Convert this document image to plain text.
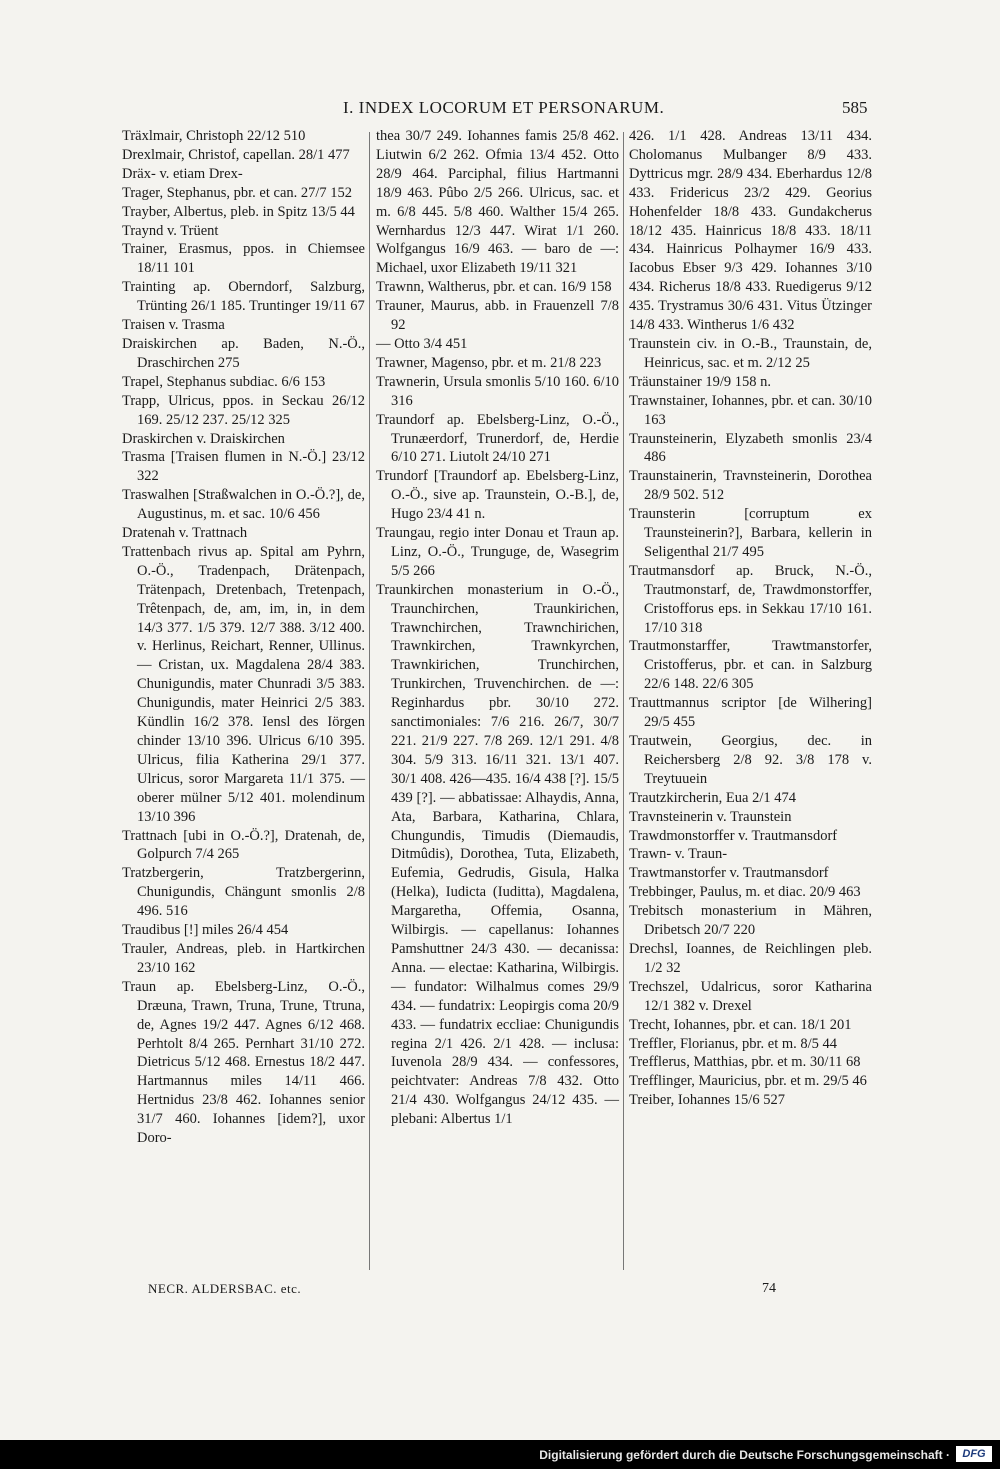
I. INDEX LOCORUM ET PERSONARUM.	585

Träxlmair, Christoph 22/12 510

Drexlmair, Christof, capellan. 28/1 477

Dräx- v. etiam Drex-

Trager, Stephanus, pbr. et can. 27/7 152

Trayber, Albertus, pleb. in Spitz 13/5 44

Traynd v. Trüent

Trainer, Erasmus, ppos. in Chiemsee 18/11 101

Trainting ap. Oberndorf, Salzburg, Trünting 26/1 185. Truntinger 19/11 67

Traisen v. Trasma

Draiskirchen ap. Baden, N.-Ö., Draschirchen 275

Trapel, Stephanus subdiac. 6/6 153

Trapp, Ulricus, ppos. in Seckau 26/12 169. 25/12 237. 25/12 325

Draskirchen v. Draiskirchen

Trasma [Traisen flumen in N.-Ö.] 23/12 322

Traswalhen [Straßwalchen in O.-Ö.?], de, Augustinus, m. et sac. 10/6 456

Dratenah v. Trattnach

Trattenbach rivus ap. Spital am Pyhrn, O.-Ö., Tradenpach, Drätenpach, Trätenpach, Dretenbach, Tretenpach, Trêtenpach, de, am, im, in, in dem 14/3 377. 1/5 379. 12/7 388. 3/12 400. v. Herlinus, Reichart, Renner, Ullinus. — Cristan, ux. Magdalena 28/4 383. Chunigundis, mater Chunradi 3/5 383. Chunigundis, mater Heinrici 2/5 383. Kündlin 16/2 378. Iensl des Iörgen chinder 13/10 396. Ulricus 6/10 395. Ulricus, filia Katherina 29/1 377. Ulricus, soror Margareta 11/1 375. — oberer mülner 5/12 401. molendinum 13/10 396

Trattnach [ubi in O.-Ö.?], Dratenah, de, Golpurch 7/4 265

Tratzbergerin, Tratzbergerinn, Chunigundis, Chängunt smonlis 2/8 496. 516

Traudibus [!] miles 26/4 454

Trauler, Andreas, pleb. in Hartkirchen 23/10 162

Traun ap. Ebelsberg-Linz, O.-Ö., Dræuna, Trawn, Truna, Trune, Ttruna, de, Agnes 19/2 447. Agnes 6/12 468. Perhtolt 8/4 265. Pernhart 31/10 272. Dietricus 5/12 468. Ernestus 18/2 447. Hartmannus miles 14/11 466. Hertnidus 23/8 462. Iohannes senior 31/7 460. Iohannes [idem?], uxor Doro-

thea 30/7 249. Iohannes famis 25/8 462. Liutwin 6/2 262. Ofmia 13/4 452. Otto 28/9 464. Parciphal, filius Hartmanni 18/9 463. Pûbo 2/5 266. Ulricus, sac. et m. 6/8 445. 5/8 460. Walther 15/4 265. Wernhardus 12/3 447. Wirat 1/1 260. Wolfgangus 16/9 463. — baro de —: Michael, uxor Elizabeth 19/11 321

Trawnn, Waltherus, pbr. et can. 16/9 158

Trauner, Maurus, abb. in Frauenzell 7/8 92

— Otto 3/4 451

Trawner, Magenso, pbr. et m. 21/8 223

Trawnerin, Ursula smonlis 5/10 160. 6/10 316

Traundorf ap. Ebelsberg-Linz, O.-Ö., Trunæerdorf, Trunerdorf, de, Herdie 6/10 271. Liutolt 24/10 271

Trundorf [Traundorf ap. Ebelsberg-Linz, O.-Ö., sive ap. Traunstein, O.-B.], de, Hugo 23/4 41 n.

Traungau, regio inter Donau et Traun ap. Linz, O.-Ö., Trunguge, de, Wasegrim 5/5 266

Traunkirchen monasterium in O.-Ö., Traunchirchen, Traunkirichen, Trawnchirchen, Trawnchirichen, Trawnkirchen, Trawnkyrchen, Trawnkirichen, Trunchirchen, Trunkirchen, Truvenchirchen. de —: Reginhardus pbr. 30/10 272. sanctimoniales: 7/6 216. 26/7, 30/7 221. 21/9 227. 7/8 269. 12/1 291. 4/8 304. 5/9 313. 16/11 321. 13/1 407. 30/1 408. 426—435. 16/4 438 [?]. 15/5 439 [?]. — abbatissae: Alhaydis, Anna, Ata, Barbara, Katharina, Chlara, Chungundis, Timudis (Diemaudis, Ditmûdis), Dorothea, Tuta, Elizabeth, Eufemia, Gedrudis, Gisula, Halka (Helka), Iudicta (Iuditta), Magdalena, Margaretha, Offemia, Osanna, Wilbirgis. — capellanus: Iohannes Pamshuttner 24/3 430. — decanissa: Anna. — electae: Katharina, Wilbirgis. — fundator: Wilhalmus comes 29/9 434. — fundatrix: Leopirgis coma 20/9 433. — fundatrix eccliae: Chunigundis regina 2/1 426. 2/1 428. — inclusa: Iuvenola 28/9 434. — confessores, peichtvater: Andreas 7/8 432. Otto 21/4 430. Wolfgangus 24/12 435. — plebani: Albertus 1/1

426. 1/1 428. Andreas 13/11 434. Cholomanus Mulbanger 8/9 433. Dyttricus mgr. 28/9 434. Eberhardus 12/8 433. Fridericus 23/2 429. Georius Hohenfelder 18/8 433. Gundakcherus 18/12 435. Hainricus 18/8 433. 18/11 434. Hainricus Polhaymer 16/9 433. Iacobus Ebser 9/3 429. Iohannes 3/10 434. Richerus 18/8 433. Ruedigerus 9/12 435. Trystramus 30/6 431. Vitus Ützinger 14/8 433. Wintherus 1/6 432

Traunstein civ. in O.-B., Traunstain, de, Heinricus, sac. et m. 2/12 25

Träunstainer 19/9 158 n.

Trawnstainer, Iohannes, pbr. et can. 30/10 163

Traunsteinerin, Elyzabeth smonlis 23/4 486

Traunstainerin, Travnsteinerin, Dorothea 28/9 502. 512

Traunsterin [corruptum ex Traunsteinerin?], Barbara, kellerin in Seligenthal 21/7 495

Trautmansdorf ap. Bruck, N.-Ö., Trautmonstarf, de, Trawdmonstorffer, Cristofforus eps. in Sekkau 17/10 161. 17/10 318

Trautmonstarffer, Trawtmanstorfer, Cristofferus, pbr. et can. in Salzburg 22/6 148. 22/6 305

Trauttmannus scriptor [de Wilhering] 29/5 455

Trautwein, Georgius, dec. in Reichersberg 2/8 92. 3/8 178 v. Treytuuein

Trautzkircherin, Eua 2/1 474

Travnsteinerin v. Traunstein

Trawdmonstorffer v. Trautmansdorf

Trawn- v. Traun-

Trawtmanstorfer v. Trautmansdorf

Trebbinger, Paulus, m. et diac. 20/9 463

Trebitsch monasterium in Mähren, Dribetsch 20/7 220

Drechsl, Ioannes, de Reichlingen pleb. 1/2 32

Trechszel, Udalricus, soror Katharina 12/1 382 v. Drexel

Trecht, Iohannes, pbr. et can. 18/1 201

Treffler, Florianus, pbr. et m. 8/5 44

Trefflerus, Matthias, pbr. et m. 30/11 68

Trefflinger, Mauricius, pbr. et m. 29/5 46

Treiber, Iohannes 15/6 527

NECR. ALDERSBAC. etc.	74
Digitalisierung gefördert durch die Deutsche Forschungsgemeinschaft ·	DFG
